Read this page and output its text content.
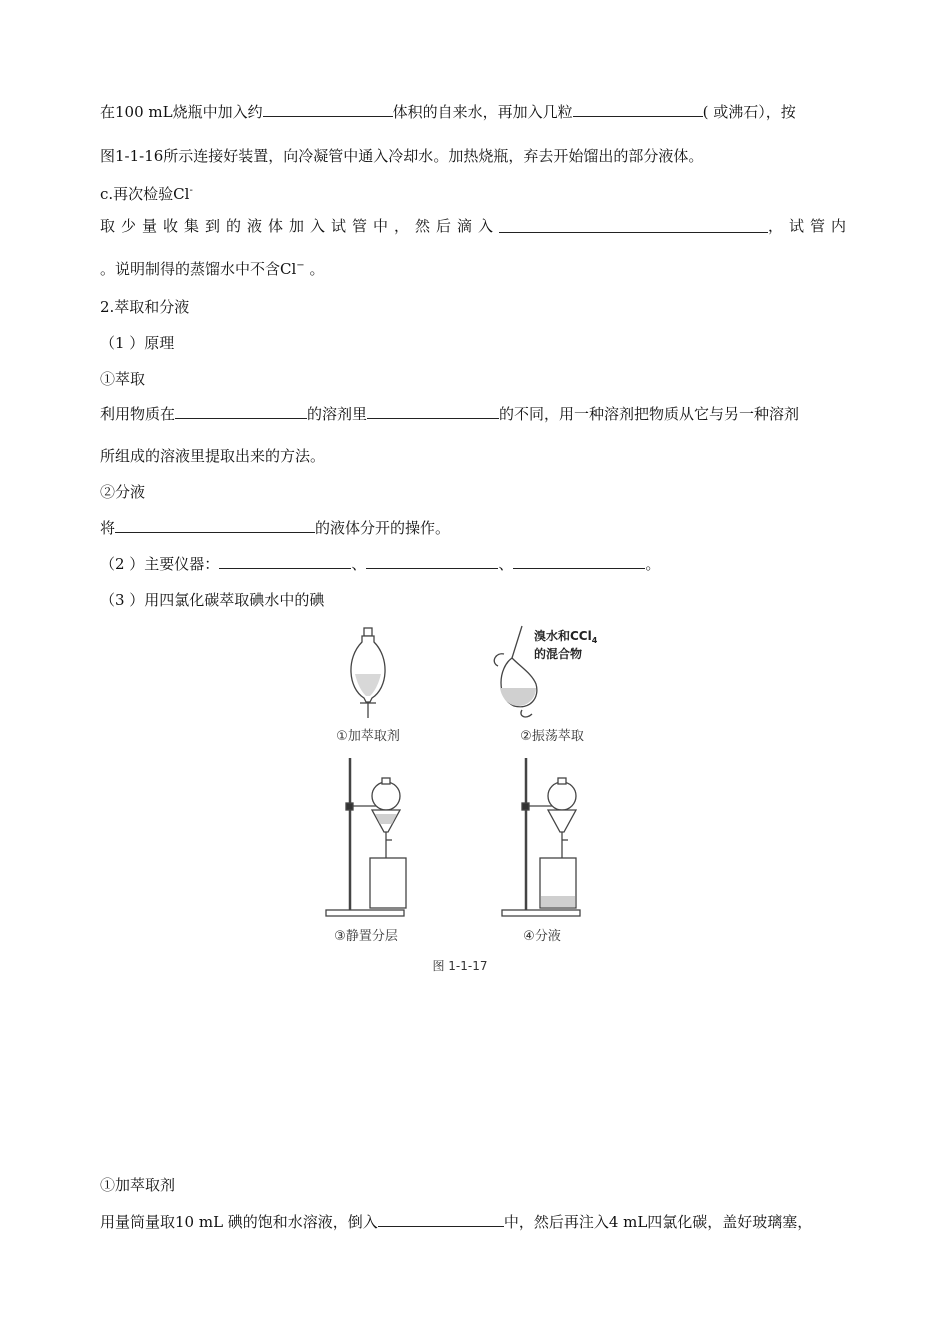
在100 mL烧瓶中加入约	体积的自来水，再加入几粒	( 或沸石），按
图1-1-16所示连接好装置，向冷凝管中通入冷却水。加热烧瓶，弃去开始馏出的部分液体。
c.再次检验Cl-
取少量收集到的液体加入试管中，然后滴入	，试管内
。说明制得的蒸馏水中不含Cl− 。
2.萃取和分液
（1 ）原理
①萃取
利用物质在	的溶剂里	的不同，用一种溶剂把物质从它与另一种溶剂
所组成的溶液里提取出来的方法。
②分液
将	的液体分开的操作。
（2 ）主要仪器：	、	、	。
（3 ）用四氯化碳萃取碘水中的碘
①加萃取剂
溴水和CCl$_4$
的混合物
②振荡萃取
③静置分层	④分液
图 1-1-17
①加萃取剂
用量筒量取10 mL 碘的饱和水溶液，倒入	中，然后再注入4 mL四氯化碳，盖好玻璃塞，
